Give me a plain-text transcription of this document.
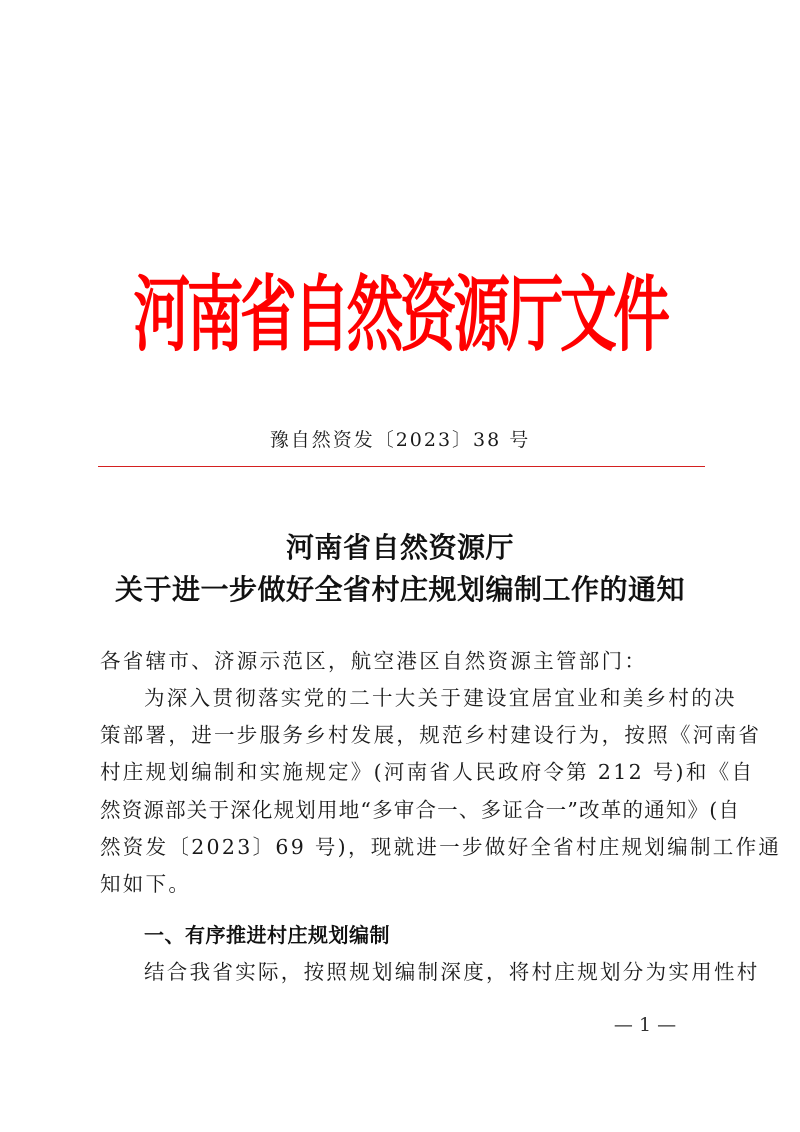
河南省自然资源厅文件
豫自然资发〔2023〕38 号
河南省自然资源厅
关于进一步做好全省村庄规划编制工作的通知
各省辖市、济源示范区，航空港区自然资源主管部门：
为深入贯彻落实党的二十大关于建设宜居宜业和美乡村的决
策部署，进一步服务乡村发展，规范乡村建设行为，按照《河南省
村庄规划编制和实施规定》(河南省人民政府令第 212 号)和《自
然资源部关于深化规划用地“多审合一、多证合一”改革的通知》(自
然资发〔2023〕69 号)，现就进一步做好全省村庄规划编制工作通
知如下。
一、有序推进村庄规划编制
结合我省实际，按照规划编制深度，将村庄规划分为实用性村
— 1 —
